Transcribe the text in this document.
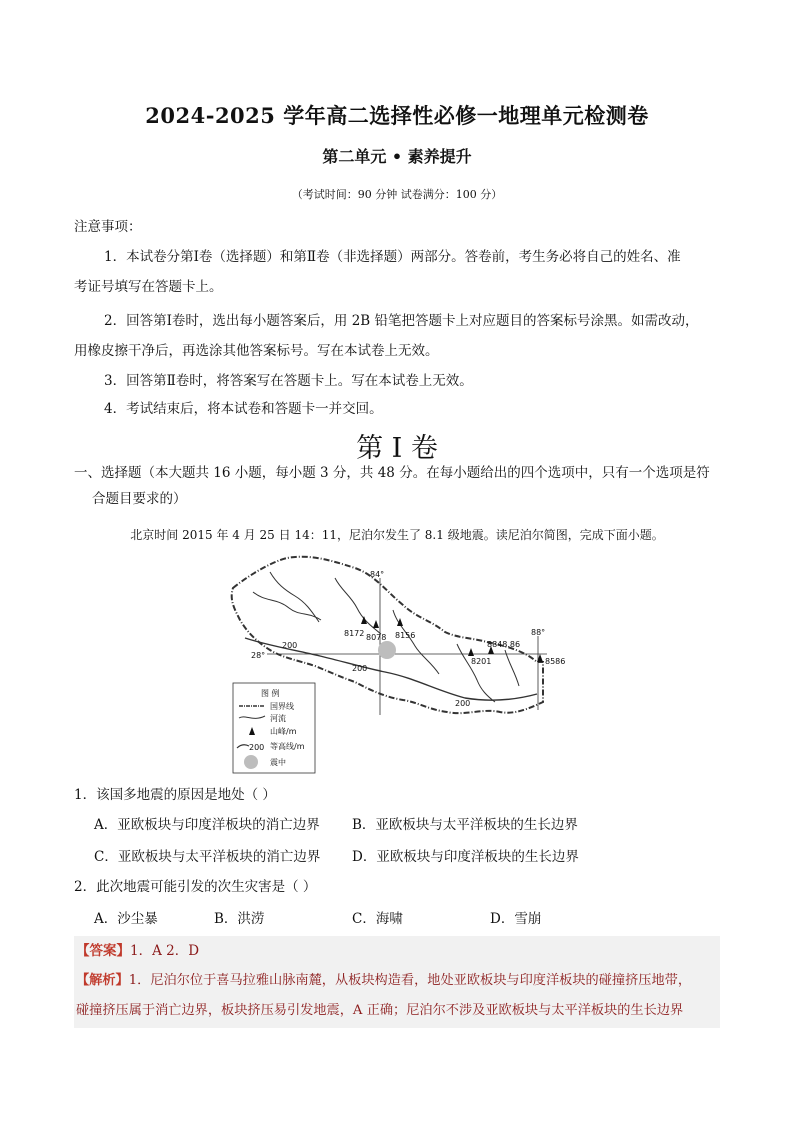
2024-2025 学年高二选择性必修一地理单元检测卷
第二单元 • 素养提升
（考试时间：90 分钟 试卷满分：100 分）
注意事项：
1．本试卷分第Ⅰ卷（选择题）和第Ⅱ卷（非选择题）两部分。答卷前，考生务必将自己的姓名、准
考证号填写在答题卡上。
2．回答第Ⅰ卷时，选出每小题答案后，用 2B 铅笔把答题卡上对应题目的答案标号涂黑。如需改动，
用橡皮擦干净后，再选涂其他答案标号。写在本试卷上无效。
3．回答第Ⅱ卷时，将答案写在答题卡上。写在本试卷上无效。
4．考试结束后，将本试卷和答题卡一并交回。
第 I 卷
一、选择题（本大题共 16 小题，每小题 3 分，共 48 分。在每小题给出的四个选项中，只有一个选项是符
合题目要求的）
北京时间 2015 年 4 月 25 日 14：11，尼泊尔发生了 8.1 级地震。读尼泊尔简图，完成下面小题。
84°
88°
28°
8172 8078 8156
8848.86
8201	8586
200
200
200
图 例
国界线
河流
山峰/m
200 等高线/m
震中
1．该国多地震的原因是地处（ ）
A．亚欧板块与印度洋板块的消亡边界 B．亚欧板块与太平洋板块的生长边界
C．亚欧板块与太平洋板块的消亡边界 D．亚欧板块与印度洋板块的生长边界
2．此次地震可能引发的次生灾害是（ ）
A．沙尘暴	B．洪涝	C．海啸	D．雪崩
【答案】1．A 2．D
【解析】1．尼泊尔位于喜马拉雅山脉南麓，从板块构造看，地处亚欧板块与印度洋板块的碰撞挤压地带，
碰撞挤压属于消亡边界，板块挤压易引发地震，A 正确；尼泊尔不涉及亚欧板块与太平洋板块的生长边界
